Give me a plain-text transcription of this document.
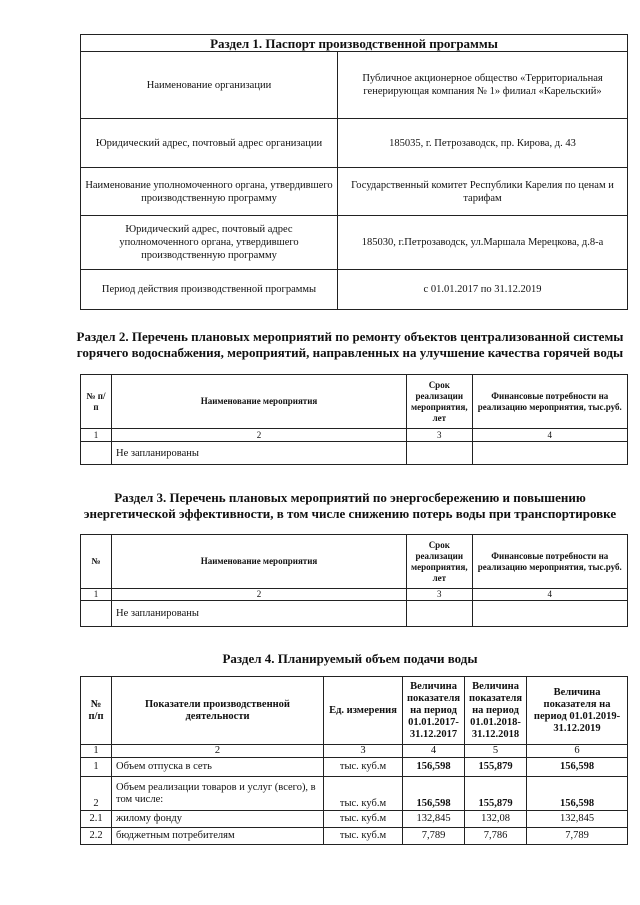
Раздел 1. Паспорт производственной программы	
Наименование организации	Публичное акционерное общество «Территориальная генерирующая компания № 1» филиал «Карельский»
Юридический адрес, почтовый адрес организации	185035, г. Петрозаводск, пр. Кирова, д. 43
Наименование уполномоченного органа, утвердившего производственную программу	Государственный комитет Республики Карелия по ценам и тарифам
Юридический адрес, почтовый адрес уполномоченного органа, утвердившего производственную программу	185030, г.Петрозаводск, ул.Маршала Мерецкова, д.8-а
Период действия производственной программы	с 01.01.2017 по 31.12.2019
Раздел 2. Перечень плановых мероприятий по ремонту объектов централизованной системы горячего водоснабжения, мероприятий, направленных на улучшение качества горячей воды
№ п/п	Наименование мероприятия	Срок реализации мероприятия, лет	Финансовые потребности на реализацию мероприятия, тыс.руб.
1	2	3	4
	Не запланированы		
Раздел 3. Перечень плановых мероприятий по энергосбережению и повышению энергетической эффективности, в том числе снижению потерь воды при транспортировке
№	Наименование мероприятия	Срок реализации мероприятия, лет	Финансовые потребности на реализацию мероприятия, тыс.руб.
1	2	3	4
	Не запланированы		
Раздел 4. Планируемый объем подачи воды
№ п/п	Показатели производственной деятельности	Ед. измерения	Величина показателя на период 01.01.2017-31.12.2017	Величина показателя на период 01.01.2018-31.12.2018	Величина показателя на период 01.01.2019-31.12.2019
1	2	3	4	5	6
1	Объем отпуска в сеть	тыс. куб.м	156,598	155,879	156,598
2	Объем реализации товаров и услуг (всего), в том числе:	тыс. куб.м	156,598	155,879	156,598
2.1	жилому фонду	тыс. куб.м	132,845	132,08	132,845
2.2	бюджетным потребителям	тыс. куб.м	7,789	7,786	7,789
